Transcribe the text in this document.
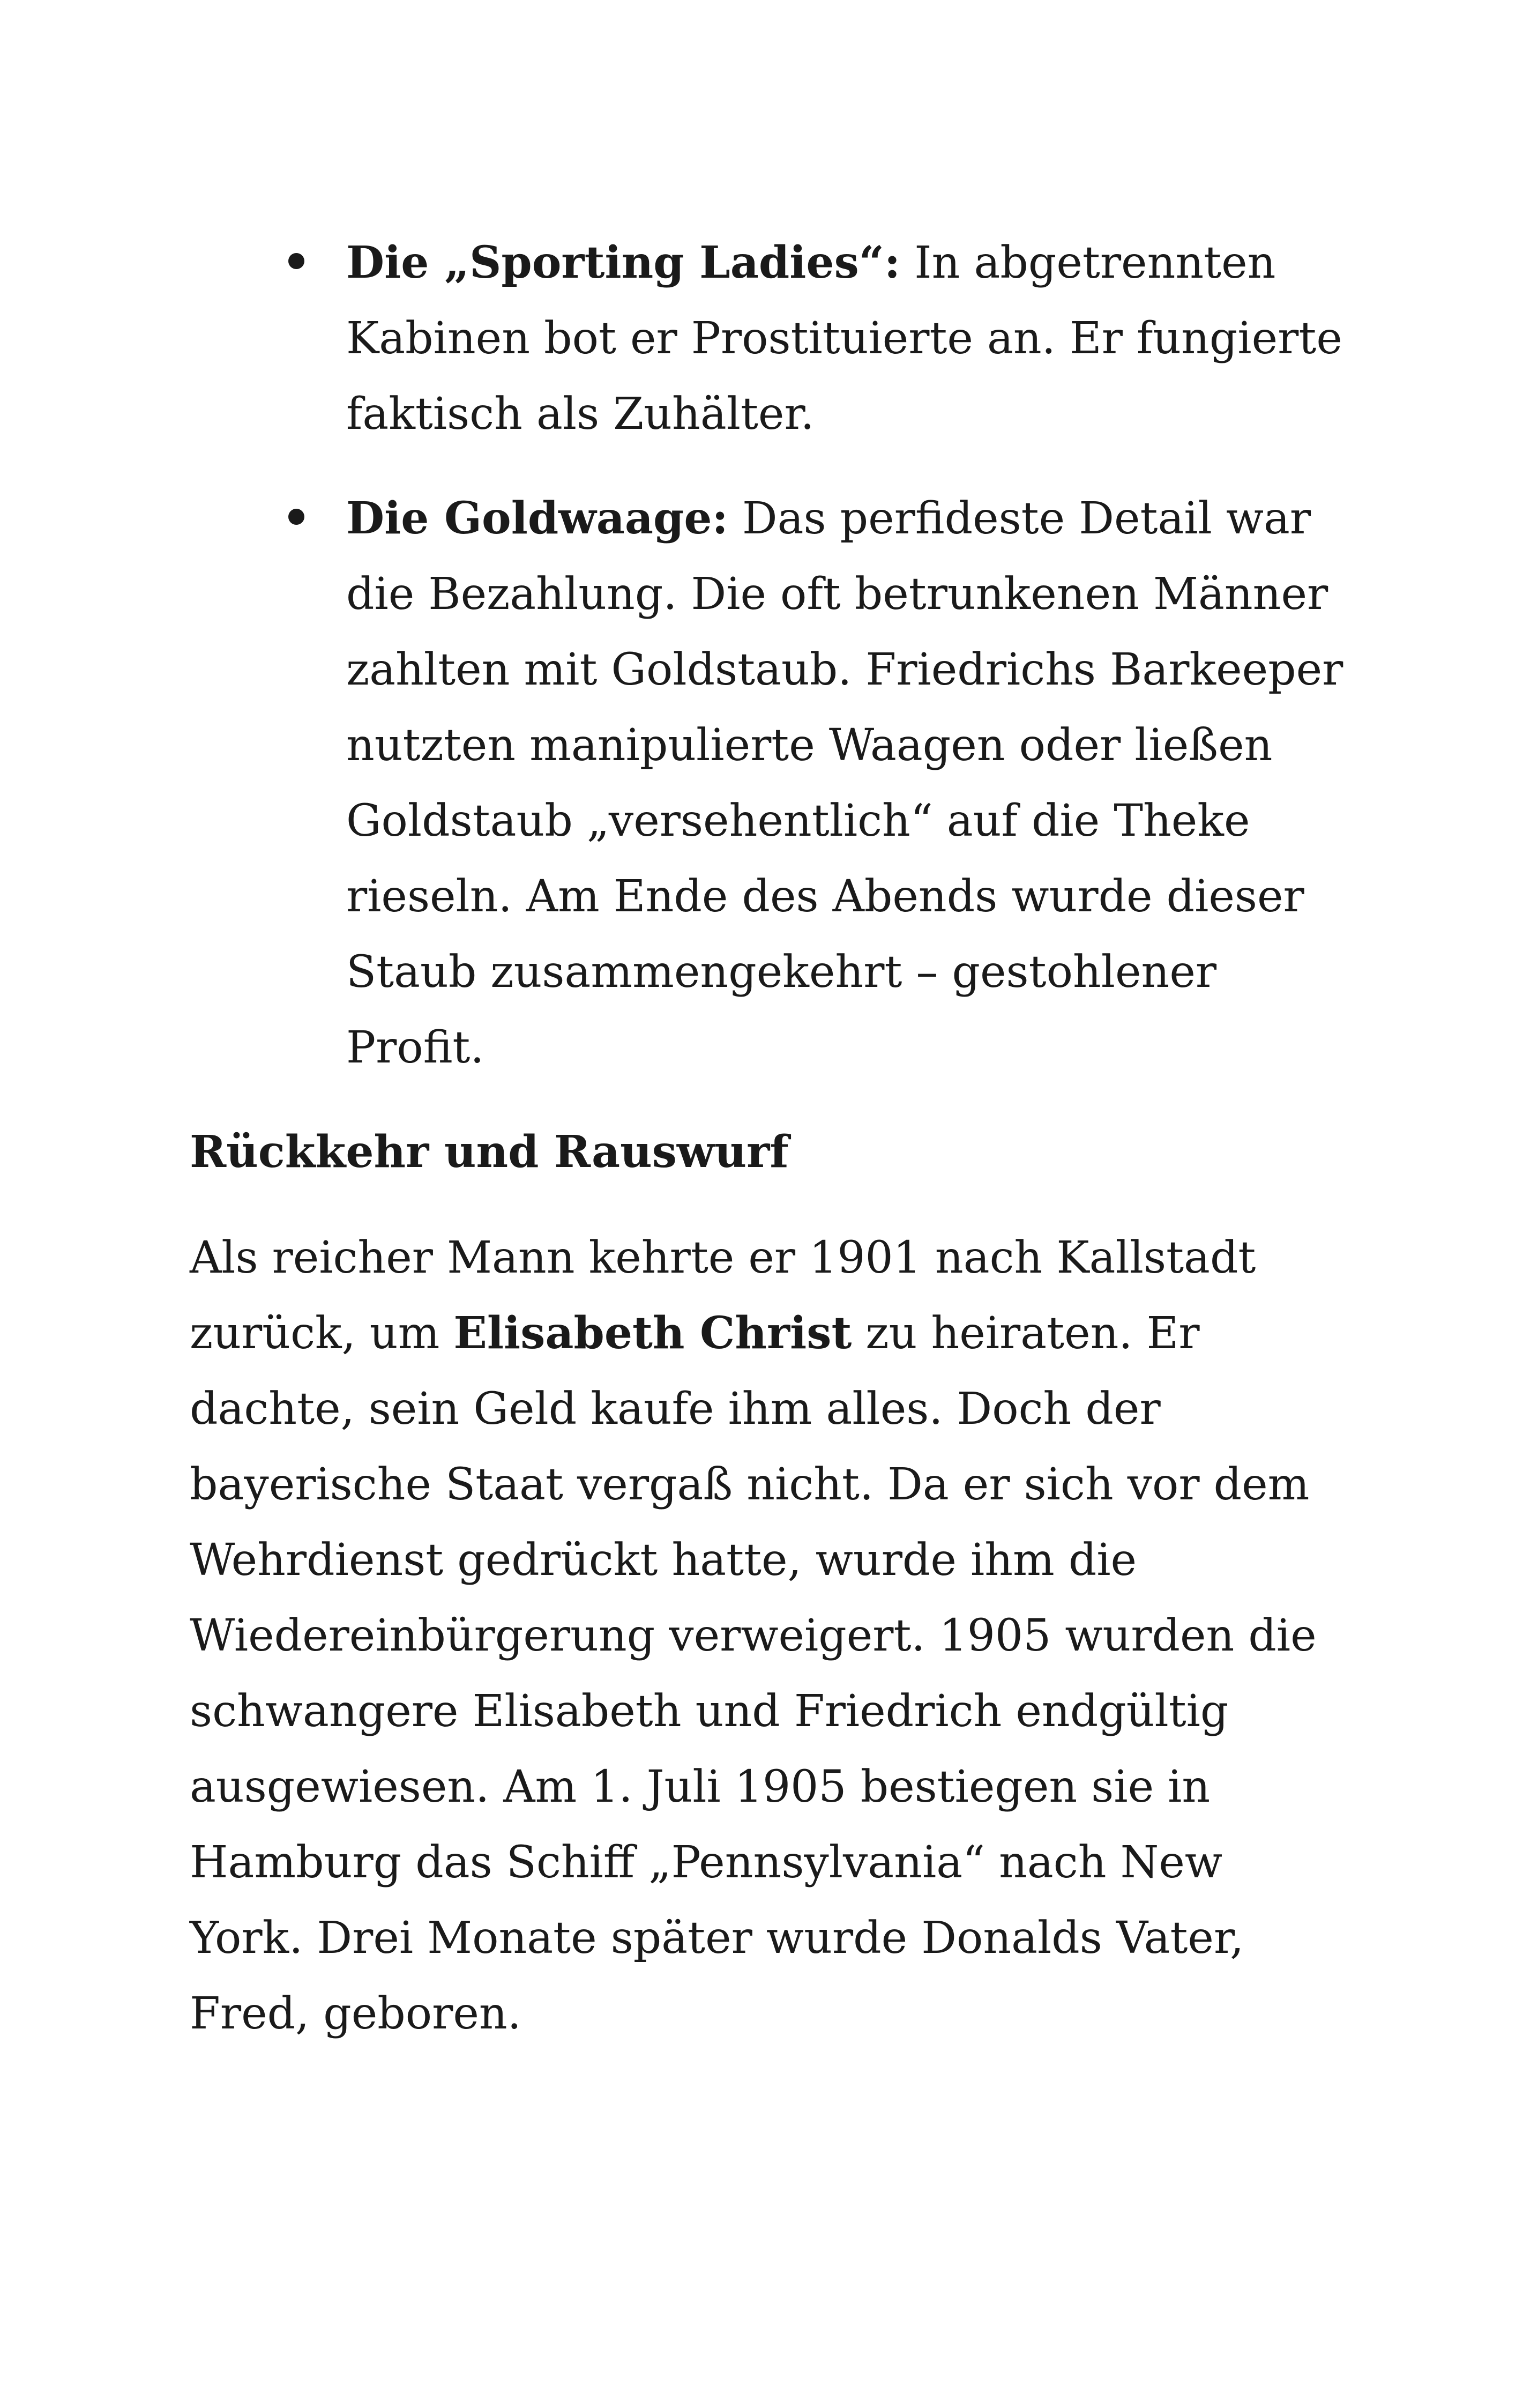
Die „Sporting Ladies“: In abgetrennten Kabinen bot er Prostituierte an. Er fungierte faktisch als Zuhälter.
Die Goldwaage: Das perfideste Detail war die Bezahlung. Die oft betrunkenen Männer zahlten mit Goldstaub. Friedrichs Barkeeper nutzten manipulierte Waagen oder ließen Goldstaub „versehentlich“ auf die Theke rieseln. Am Ende des Abends wurde dieser Staub zusammengekehrt – gestohlener Profit.
Rückkehr und Rauswurf

Als reicher Mann kehrte er 1901 nach Kallstadt zurück, um Elisabeth Christ zu heiraten. Er dachte, sein Geld kaufe ihm alles. Doch der bayerische Staat vergaß nicht. Da er sich vor dem Wehrdienst gedrückt hatte, wurde ihm die Wiedereinbürgerung verweigert. 1905 wurden die schwangere Elisabeth und Friedrich endgültig ausgewiesen. Am 1. Juli 1905 bestiegen sie in Hamburg das Schiff „Pennsylvania“ nach New York. Drei Monate später wurde Donalds Vater, Fred, geboren.
